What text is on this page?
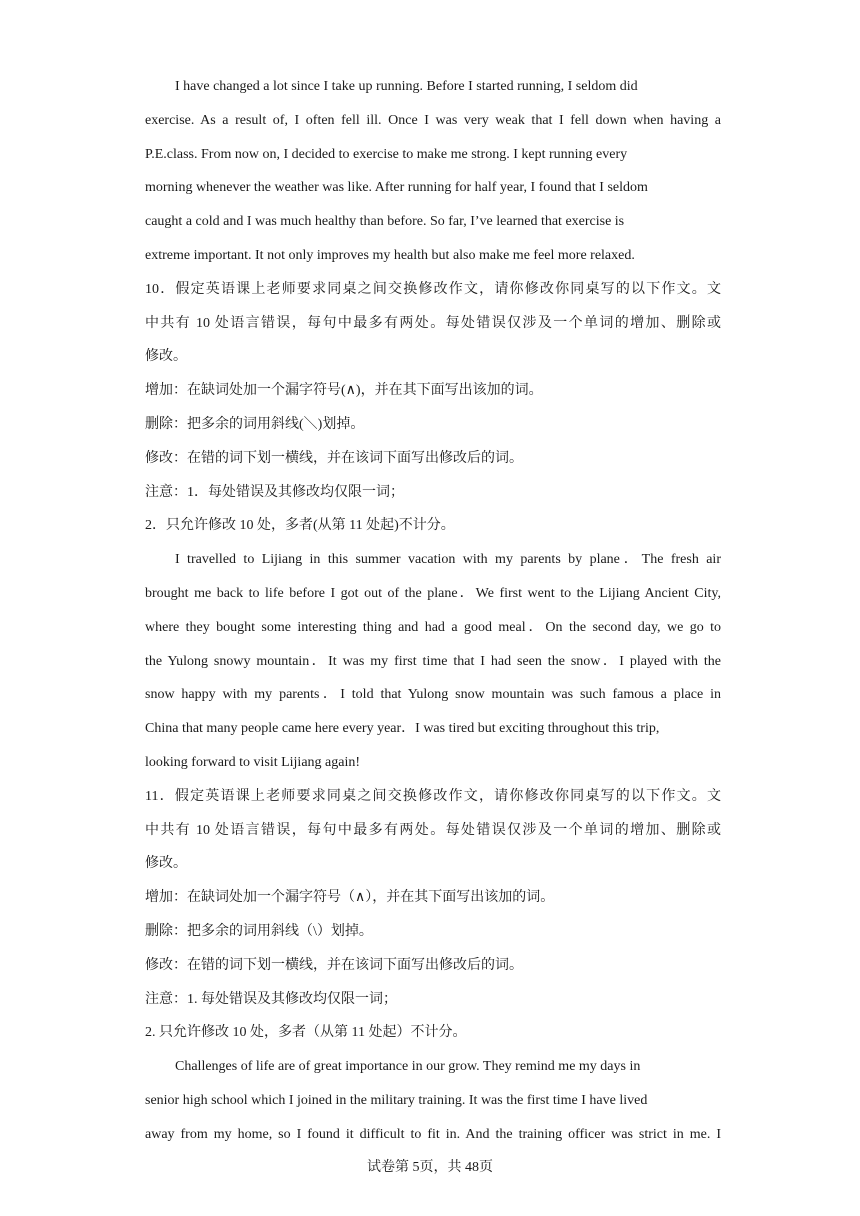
I have changed a lot since I take up running. Before I started running, I seldom did
exercise. As a result of, I often fell ill. Once I was very weak that I fell down when having a
P.E.class. From now on, I decided to exercise to make me strong. I kept running every
morning whenever the weather was like. After running for half year, I found that I seldom
caught a cold and I was much healthy than before. So far, I’ve learned that exercise is
extreme important. It not only improves my health but also make me feel more relaxed.
10．假定英语课上老师要求同桌之间交换修改作文，请你修改你同桌写的以下作文。文
中共有 10 处语言错误，每句中最多有两处。每处错误仅涉及一个单词的增加、删除或
修改。
增加：在缺词处加一个漏字符号(∧)，并在其下面写出该加的词。
删除：把多余的词用斜线(＼)划掉。
修改：在错的词下划一横线，并在该词下面写出修改后的词。
注意：1．每处错误及其修改均仅限一词；
2．只允许修改 10 处，多者(从第 11 处起)不计分。
I travelled to Lijiang in this summer vacation with my parents by plane．The fresh air
brought me back to life before I got out of the plane．We first went to the Lijiang Ancient City,
where they bought some interesting thing and had a good meal．On the second day, we go to
the Yulong snowy mountain．It was my first time that I had seen the snow．I played with the
snow happy with my parents．I told that Yulong snow mountain was such famous a place in
China that many people came here every year．I was tired but exciting throughout this trip,
looking forward to visit Lijiang again!
11．假定英语课上老师要求同桌之间交换修改作文，请你修改你同桌写的以下作文。文
中共有 10 处语言错误，每句中最多有两处。每处错误仅涉及一个单词的增加、删除或
修改。
增加：在缺词处加一个漏字符号（∧），并在其下面写出该加的词。
删除：把多余的词用斜线（\）划掉。
修改：在错的词下划一横线，并在该词下面写出修改后的词。
注意：1. 每处错误及其修改均仅限一词；
2. 只允许修改 10 处，多者（从第 11 处起）不计分。
Challenges of life are of great importance in our grow. They remind me my days in
senior high school which I joined in the military training. It was the first time I have lived
away from my home, so I found it difficult to fit in. And the training officer was strict in me. I
试卷第 5页，共 48页
